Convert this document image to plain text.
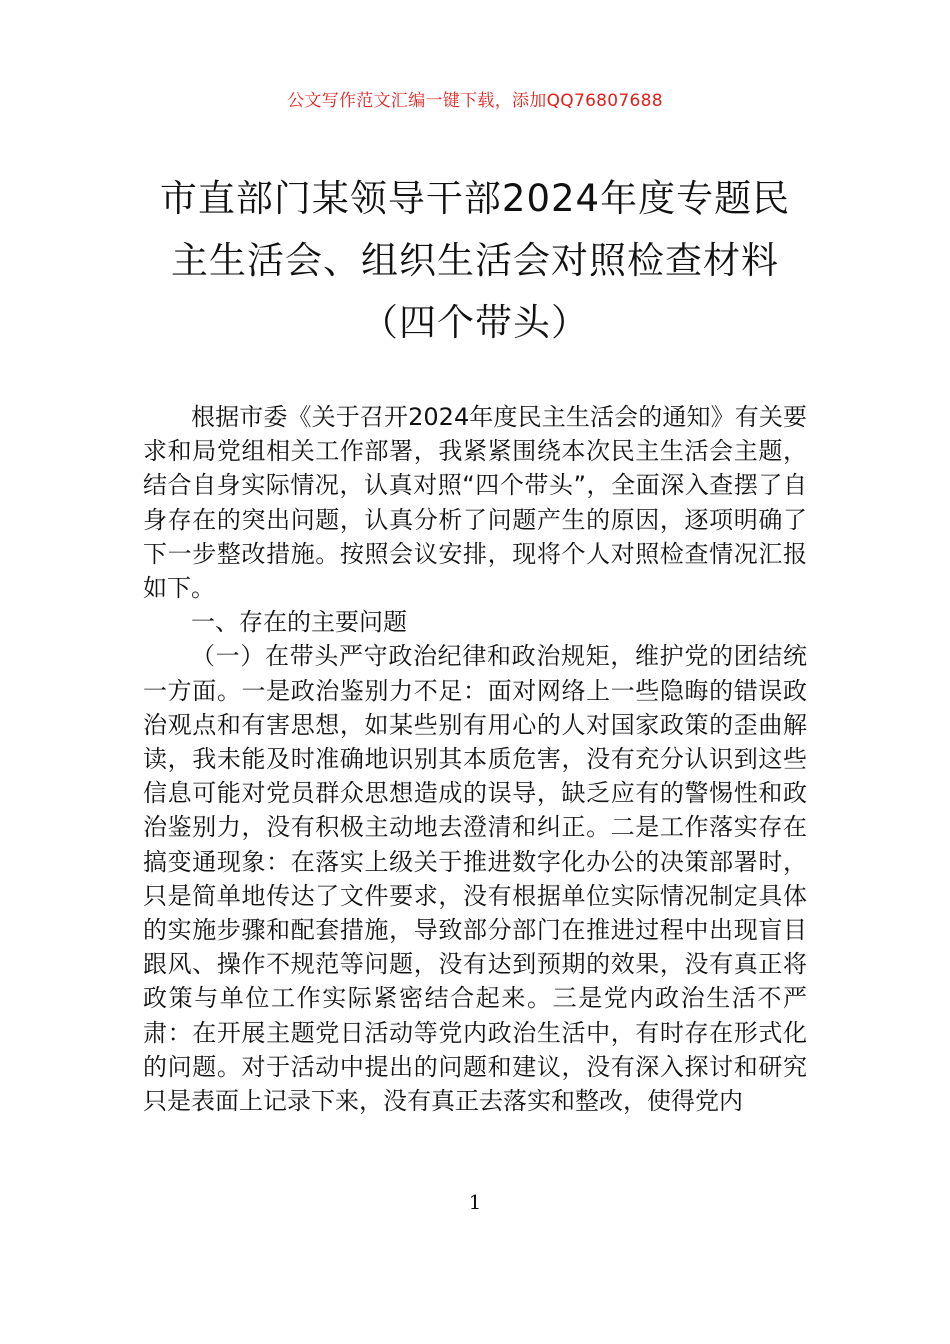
公文写作范文汇编一键下载，添加QQ76807688
市直部门某领导干部2024年度专题民主生活会、组织生活会对照检查材料（四个带头）

根据市委《关于召开2024年度民主生活会的通知》有关要求和局党组相关工作部署，我紧紧围绕本次民主生活会主题，结合自身实际情况，认真对照“四个带头”，全面深入查摆了自身存在的突出问题，认真分析了问题产生的原因，逐项明确了下一步整改措施。按照会议安排，现将个人对照检查情况汇报如下。

一、存在的主要问题

（一）在带头严守政治纪律和政治规矩，维护党的团结统一方面。一是政治鉴别力不足：面对网络上一些隐晦的错误政治观点和有害思想，如某些别有用心的人对国家政策的歪曲解读，我未能及时准确地识别其本质危害，没有充分认识到这些信息可能对党员群众思想造成的误导，缺乏应有的警惕性和政治鉴别力，没有积极主动地去澄清和纠正。二是工作落实存在搞变通现象：在落实上级关于推进数字化办公的决策部署时，只是简单地传达了文件要求，没有根据单位实际情况制定具体的实施步骤和配套措施，导致部分部门在推进过程中出现盲目跟风、操作不规范等问题，没有达到预期的效果，没有真正将政策与单位工作实际紧密结合起来。三是党内政治生活不严肃：在开展主题党日活动等党内政治生活中，有时存在形式化的问题。对于活动中提出的问题和建议，没有深入探讨和研究只是表面上记录下来，没有真正去落实和整改，使得党内

1
